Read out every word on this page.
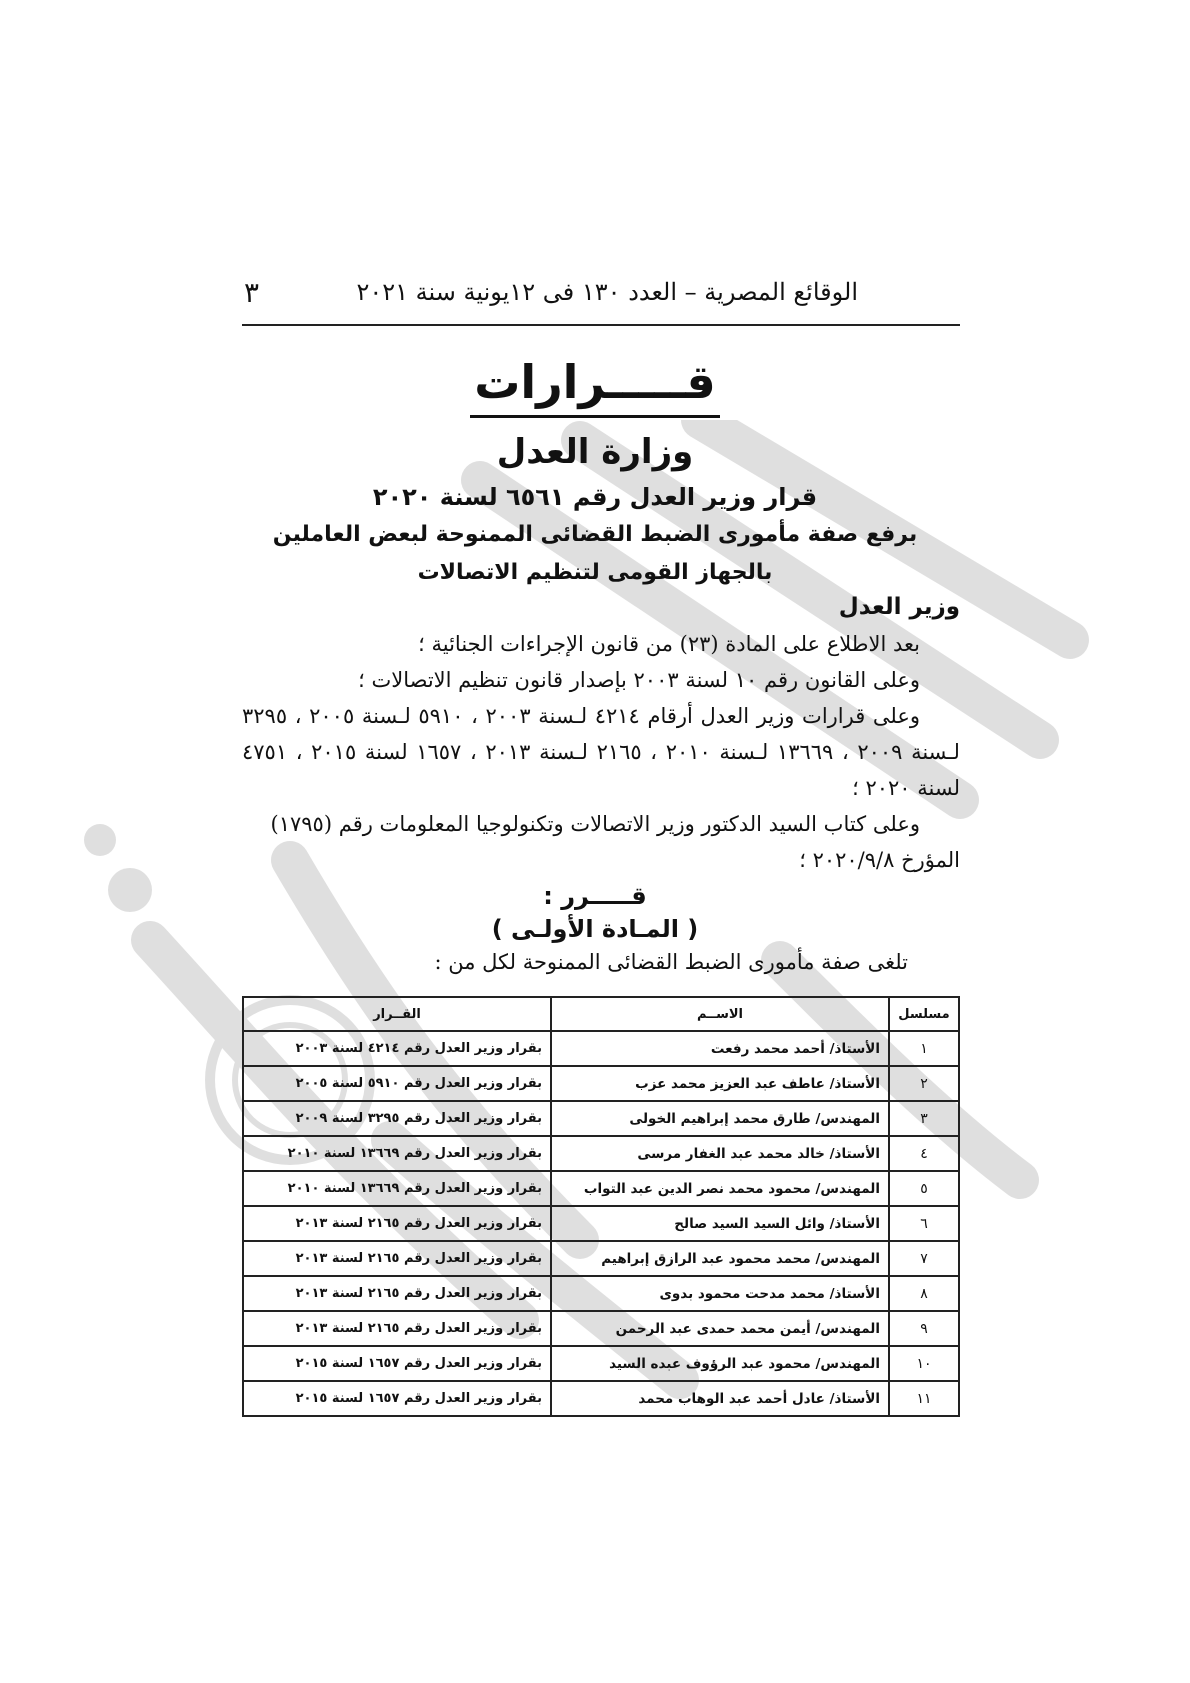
الوقائع المصرية – العدد ١٣٠ فى ١٢يونية سنة ٢٠٢١
٣
قـــــرارات
وزارة العدل
قرار وزير العدل رقم ٦٥٦١ لسنة ٢٠٢٠
برفع صفة مأمورى الضبط القضائى الممنوحة لبعض العاملين
بالجهاز القومى لتنظيم الاتصالات
وزير العدل
بعد الاطلاع على المادة (٢٣) من قانون الإجراءات الجنائية ؛
وعلى القانون رقم ١٠ لسنة ٢٠٠٣ بإصدار قانون تنظيم الاتصالات ؛
وعلى قرارات وزير العدل أرقام ٤٢١٤ لـسنة ٢٠٠٣ ، ٥٩١٠ لـسنة ٢٠٠٥ ، ٣٢٩٥ لـسنة ٢٠٠٩ ، ١٣٦٦٩ لـسنة ٢٠١٠ ، ٢١٦٥ لـسنة ٢٠١٣ ، ١٦٥٧ لسنة ٢٠١٥ ، ٤٧٥١ لسنة ٢٠٢٠ ؛
وعلى كتاب السيد الدكتور وزير الاتصالات وتكنولوجيا المعلومات رقم (١٧٩٥) المؤرخ ٢٠٢٠/٩/٨ ؛
قـــــرر :
( المـادة الأولـى )
تلغى صفة مأمورى الضبط القضائى الممنوحة لكل من :
مسلسل	الاســم	القــرار
١	الأستاذ/ أحمد محمد رفعت	بقرار وزير العدل رقم ٤٢١٤ لسنة ٢٠٠٣
٢	الأستاذ/ عاطف عبد العزيز محمد عزب	بقرار وزير العدل رقم ٥٩١٠ لسنة ٢٠٠٥
٣	المهندس/ طارق محمد إبراهيم الخولى	بقرار وزير العدل رقم ٣٢٩٥ لسنة ٢٠٠٩
٤	الأستاذ/ خالد محمد عبد الغفار مرسى	بقرار وزير العدل رقم ١٣٦٦٩ لسنة ٢٠١٠
٥	المهندس/ محمود محمد نصر الدين عبد التواب	بقرار وزير العدل رقم ١٣٦٦٩ لسنة ٢٠١٠
٦	الأستاذ/ وائل السيد السيد صالح	بقرار وزير العدل رقم ٢١٦٥ لسنة ٢٠١٣
٧	المهندس/ محمد محمود عبد الرازق إبراهيم	بقرار وزير العدل رقم ٢١٦٥ لسنة ٢٠١٣
٨	الأستاذ/ محمد مدحت محمود بدوى	بقرار وزير العدل رقم ٢١٦٥ لسنة ٢٠١٣
٩	المهندس/ أيمن محمد حمدى عبد الرحمن	بقرار وزير العدل رقم ٢١٦٥ لسنة ٢٠١٣
١٠	المهندس/ محمود عبد الرؤوف عبده السيد	بقرار وزير العدل رقم ١٦٥٧ لسنة ٢٠١٥
١١	الأستاذ/ عادل أحمد عبد الوهاب محمد	بقرار وزير العدل رقم ١٦٥٧ لسنة ٢٠١٥
